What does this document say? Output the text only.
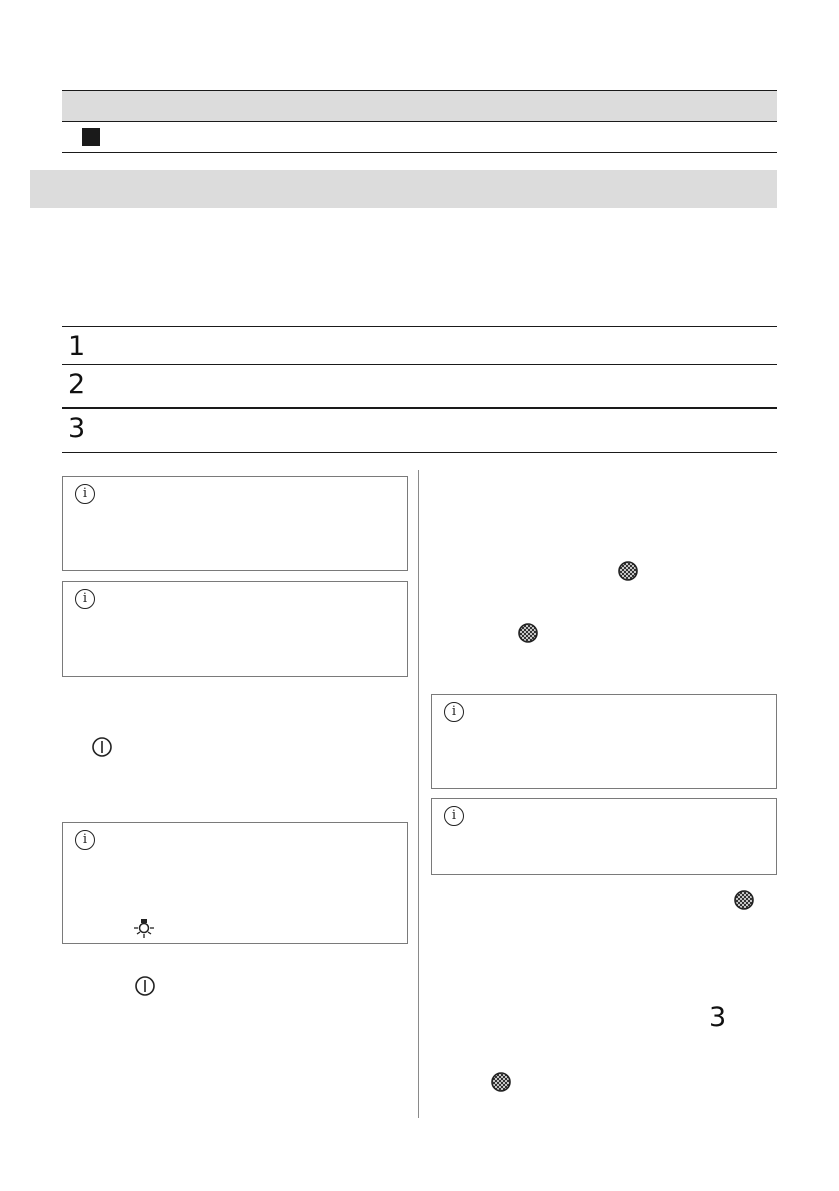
1
2
3
i
i
i
i
i
3
